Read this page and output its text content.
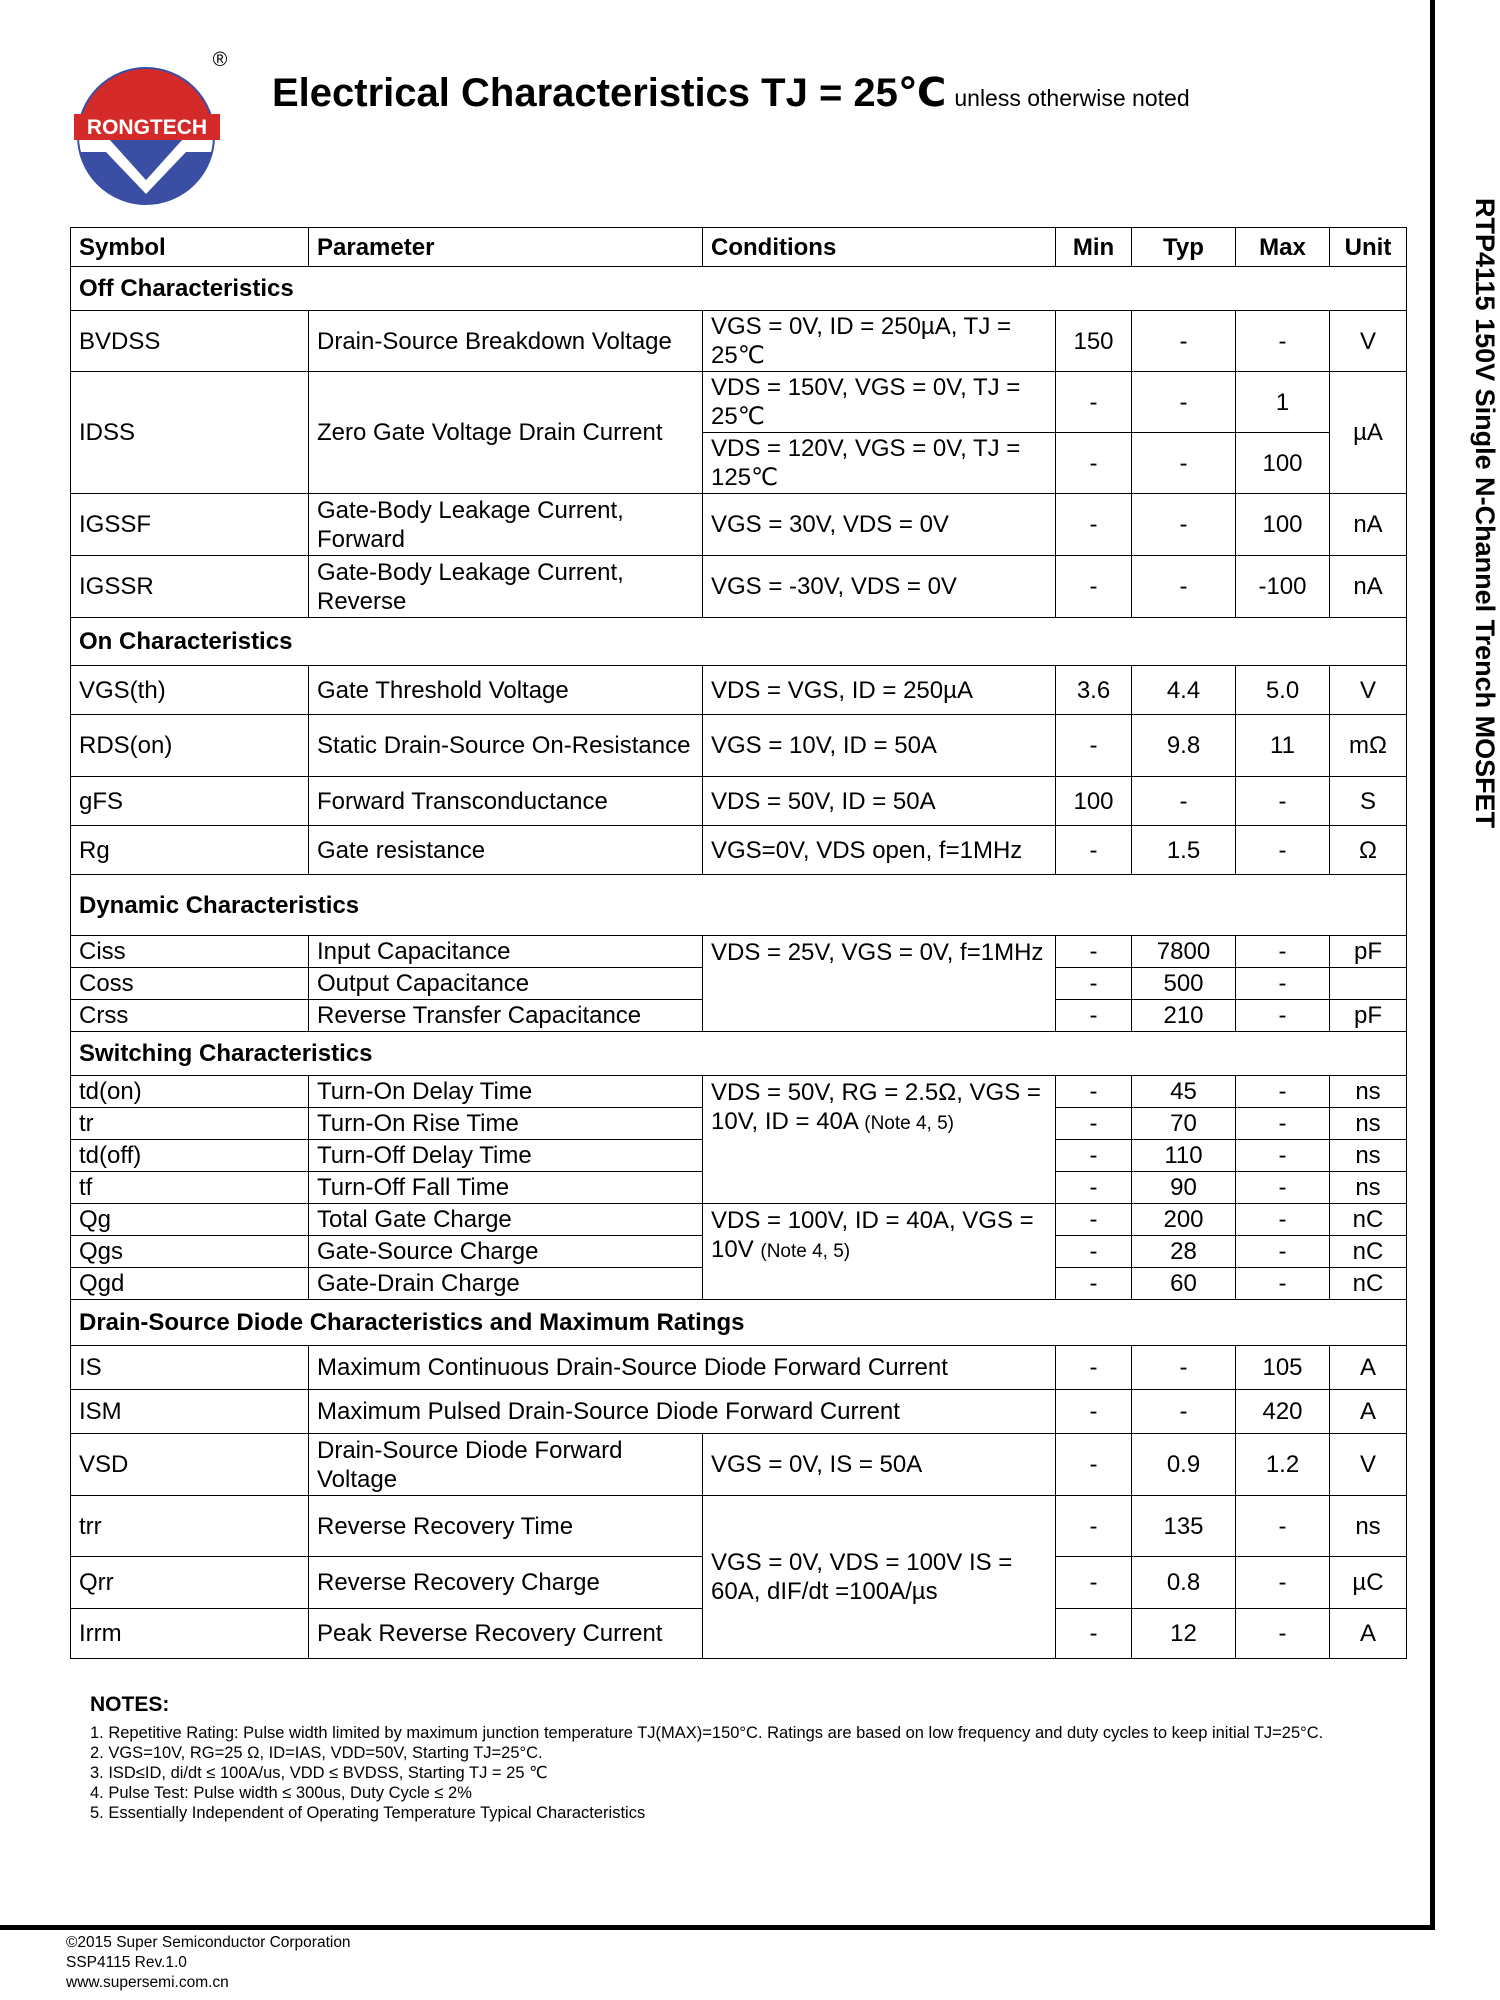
RONGTECH
®
Electrical Characteristics TJ = 25℃ unless otherwise noted
RTP4115 150V Single N-Channel Trench MOSFET
Symbol	Parameter	Conditions	Min	Typ	Max	Unit
Off Characteristics						
BVDSS	Drain-Source Breakdown Voltage	VGS = 0V, ID = 250µA, TJ = 25℃	150	-	-	V
IDSS	Zero Gate Voltage Drain Current	VDS = 150V, VGS = 0V, TJ = 25℃	-	-	1	µA
		VDS = 120V, VGS = 0V, TJ = 125℃	-	-	100	
IGSSF	Gate-Body Leakage Current, Forward	VGS = 30V, VDS = 0V	-	-	100	nA
IGSSR	Gate-Body Leakage Current, Reverse	VGS = -30V, VDS = 0V	-	-	-100	nA
On Characteristics						
VGS(th)	Gate Threshold Voltage	VDS = VGS, ID = 250µA	3.6	4.4	5.0	V
RDS(on)	Static Drain-Source On-Resistance	VGS = 10V, ID = 50A	-	9.8	11	mΩ
gFS	Forward Transconductance	VDS = 50V, ID = 50A	100	-	-	S
Rg	Gate resistance	VGS=0V, VDS open, f=1MHz	-	1.5	-	Ω
Dynamic Characteristics						
Ciss	Input Capacitance	VDS = 25V, VGS = 0V, f=1MHz	-	7800	-	pF
Coss	Output Capacitance		-	500	-	
Crss	Reverse Transfer Capacitance		-	210	-	pF
Switching Characteristics						
td(on)	Turn-On Delay Time	VDS = 50V, RG = 2.5Ω, VGS = 10V, ID = 40A (Note 4, 5)	-	45	-	ns
tr	Turn-On Rise Time		-	70	-	ns
td(off)	Turn-Off Delay Time		-	110	-	ns
tf	Turn-Off Fall Time		-	90	-	ns
Qg	Total Gate Charge	VDS = 100V, ID = 40A, VGS = 10V (Note 4, 5)	-	200	-	nC
Qgs	Gate-Source Charge		-	28	-	nC
Qgd	Gate-Drain Charge		-	60	-	nC
Drain-Source Diode Characteristics and Maximum Ratings						
IS	Maximum Continuous Drain-Source Diode Forward Current		-	-	105	A
ISM	Maximum Pulsed Drain-Source Diode Forward Current		-	-	420	A
VSD	Drain-Source Diode Forward Voltage	VGS = 0V, IS = 50A	-	0.9	1.2	V
trr	Reverse Recovery Time	VGS = 0V, VDS = 100V IS = 60A, dIF/dt =100A/µs	-	135	-	ns
Qrr	Reverse Recovery Charge		-	0.8	-	µC
Irrm	Peak Reverse Recovery Current		-	12	-	A
NOTES:
1. Repetitive Rating: Pulse width limited by maximum junction temperature TJ(MAX)=150°C. Ratings are based on low frequency and duty cycles to keep initial TJ=25°C.
2. VGS=10V, RG=25 Ω, ID=IAS, VDD=50V, Starting TJ=25°C.
3. ISD≤ID, di/dt ≤ 100A/us, VDD ≤ BVDSS, Starting TJ = 25 ℃
4. Pulse Test: Pulse width ≤ 300us, Duty Cycle ≤ 2%
5. Essentially Independent of Operating Temperature Typical Characteristics
©2015 Super Semiconductor Corporation
SSP4115 Rev.1.0
www.supersemi.com.cn
